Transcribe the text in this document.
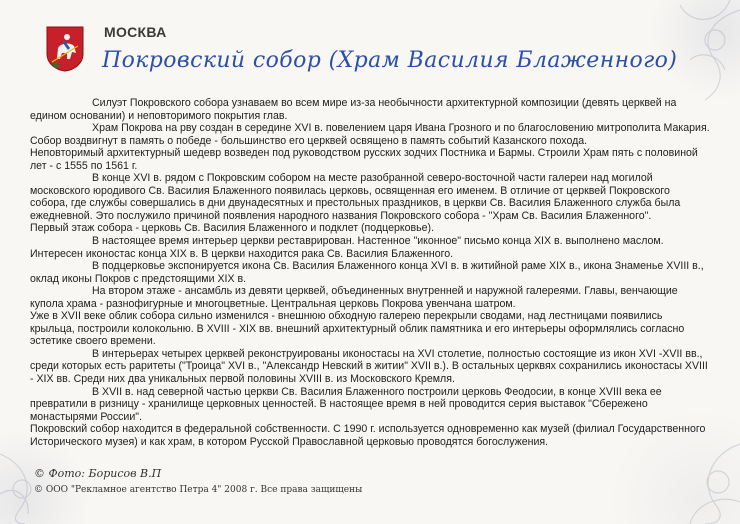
МОСКВА
Покровский собор (Храм Василия Блаженного)

Силуэт Покровского собора узнаваем во всем мире из-за необычности архитектурной композиции (девять церквей на едином основании) и неповторимого покрытия глав.

Храм Покрова на рву создан в середине XVI в. повелением царя Ивана Грозного и по благословению митрополита Макария.

Собор воздвигнут в память о победе - большинство его церквей освящено в память событий Казанского похода.

Неповторимый архитектурный шедевр возведен под руководством русских зодчих Постника и Бармы. Строили Храм пять с половиной лет - с 1555 по 1561 г.

В конце XVI в. рядом с Покровским собором на месте разобранной северо-восточной части галереи над могилой московского юродивого Св. Василия Блаженного появилась церковь, освященная его именем. В отличие от церквей Покровского собора, где службы совершались в дни двунадесятных и престольных праздников, в церкви Св. Василия Блаженного служба была ежедневной. Это послужило причиной появления народного названия Покровского собора - "Храм Св. Василия Блаженного".

Первый этаж собора - церковь Св. Василия Блаженного и подклет (подцерковье).

В настоящее время интерьер церкви реставрирован. Настенное "иконное" письмо конца XIX в. выполнено маслом. Интересен иконостас конца XIX в. В церкви находится рака Св. Василия Блаженного.

В подцерковье экспонируется икона Св. Василия Блаженного конца XVI в. в житийной раме XIX в., икона Знаменье XVIII в., оклад иконы Покров с предстоящими XIX в.

На втором этаже - ансамбль из девяти церквей, объединенных внутренней и наружной галереями. Главы, венчающие купола храма - разнофигурные и многоцветные. Центральная церковь Покрова увенчана шатром.

Уже в XVII веке облик собора сильно изменился - внешнюю обходную галерею перекрыли сводами, над лестницами появились крыльца, построили колокольню. В XVIII - XIX вв. внешний архитектурный облик памятника и его интерьеры оформлялись согласно эстетике своего времени.

В интерьерах четырех церквей реконструированы иконостасы на XVI столетие, полностью состоящие из икон XVI -XVII вв., среди которых есть раритеты ("Троица" XVI в., "Александр Невский в житии" XVII в.). В остальных церквях сохранились иконостасы XVIII - XIX вв. Среди них два уникальных первой половины XVIII в. из Московского Кремля.

В XVII в. над северной частью церкви Св. Василия Блаженного построили церковь Феодосии, в конце XVIII века ее превратили в ризницу - хранилище церковных ценностей. В настоящее время в ней проводится серия выставок "Сбережено монастырями России".

Покровский собор находится в федеральной собственности. С 1990 г. используется одновременно как музей (филиал Государственного Исторического музея) и как храм, в котором Русской Православной церковью проводятся богослужения.

© Фото: Борисов В.П
© ООО "Рекламное агентство Петра 4" 2008 г. Все права защищены
